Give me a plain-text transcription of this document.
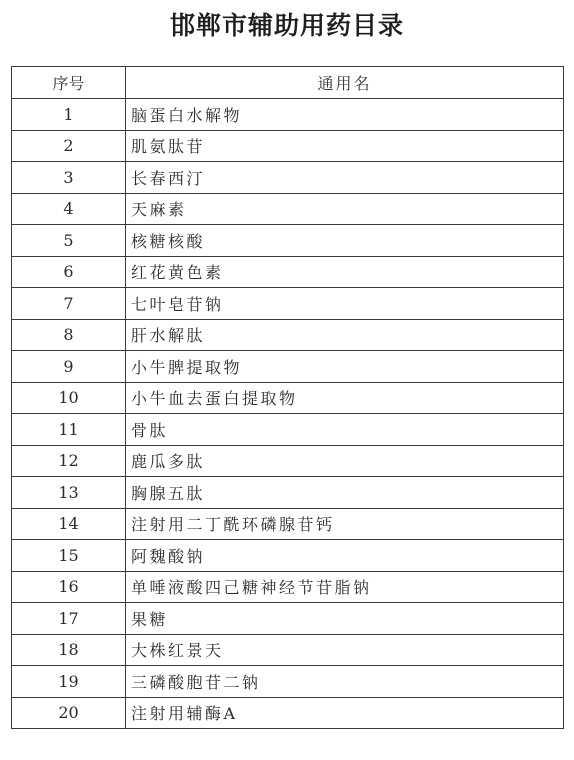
邯郸市辅助用药目录
序号	通用名
1	脑蛋白水解物
2	肌氨肽苷
3	长春西汀
4	天麻素
5	核糖核酸
6	红花黄色素
7	七叶皂苷钠
8	肝水解肽
9	小牛脾提取物
10	小牛血去蛋白提取物
11	骨肽
12	鹿瓜多肽
13	胸腺五肽
14	注射用二丁酰环磷腺苷钙
15	阿魏酸钠
16	单唾液酸四己糖神经节苷脂钠
17	果糖
18	大株红景天
19	三磷酸胞苷二钠
20	注射用辅酶A
